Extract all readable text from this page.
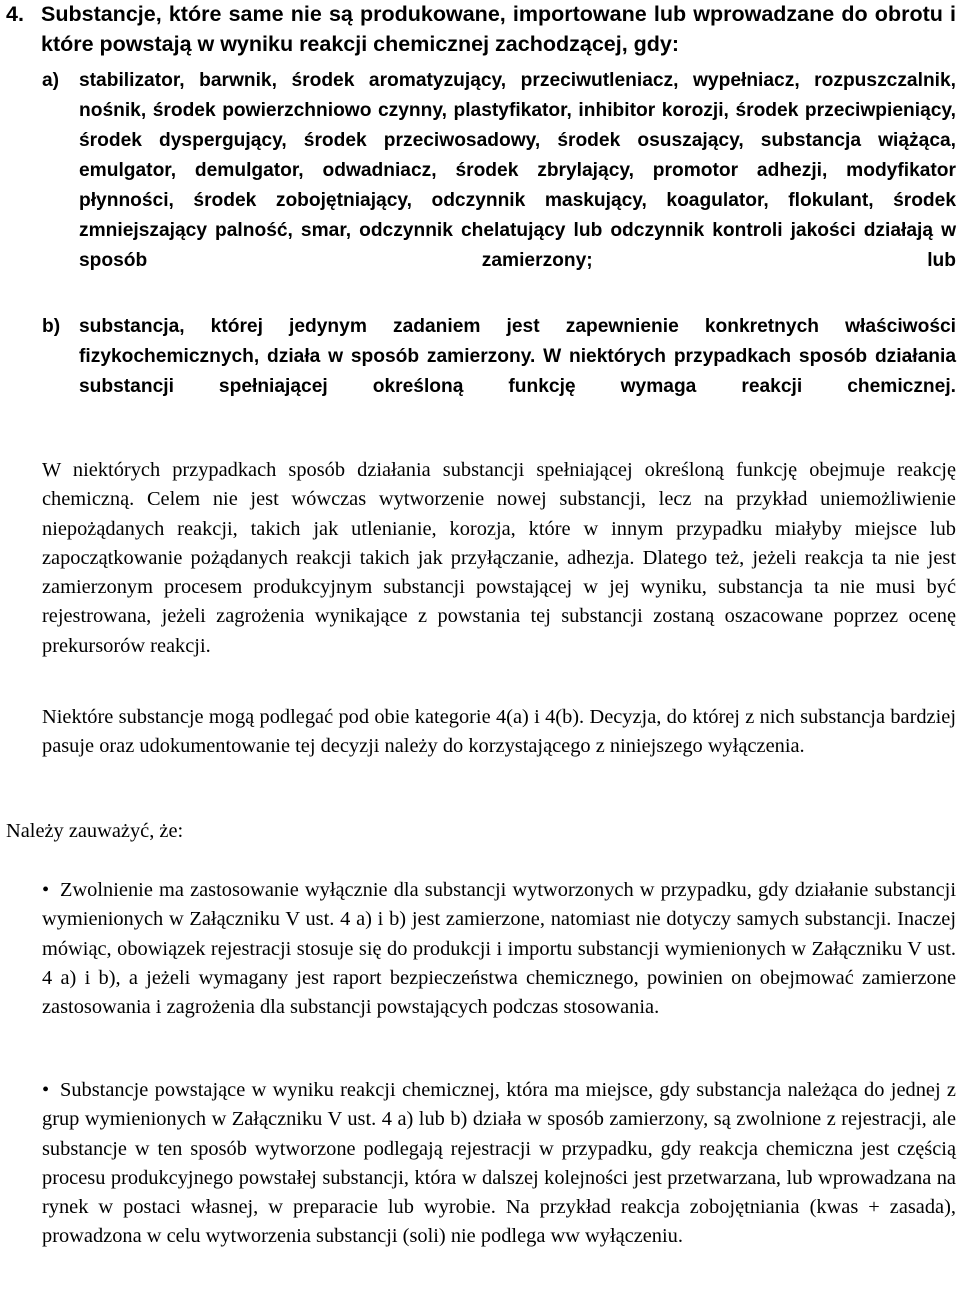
4. Substancje, które same nie są produkowane, importowane lub wprowadzane do obrotu i które powstają w wyniku reakcji chemicznej zachodzącej, gdy:
a)	stabilizator, barwnik, środek aromatyzujący, przeciwutleniacz, wypełniacz, rozpuszczalnik, nośnik, środek powierzchniowo czynny, plastyfikator, inhibitor korozji, środek przeciwpieniący, środek dyspergujący, środek przeciwosadowy, środek osuszający, substancja wiążąca, emulgator, demulgator, odwadniacz, środek zbrylający, promotor adhezji, modyfikator płynności, środek zobojętniający, odczynnik maskujący, koagulator, flokulant, środek zmniejszający palność, smar, odczynnik chelatujący lub odczynnik kontroli jakości działają w sposób zamierzony; lub
b) substancja, której jedynym zadaniem jest zapewnienie konkretnych właściwości fizykochemicznych, działa w sposób zamierzony. W niektórych przypadkach sposób działania substancji spełniającej określoną funkcję wymaga reakcji chemicznej.
W niektórych przypadkach sposób działania substancji spełniającej określoną funkcję obejmuje reakcję chemiczną. Celem nie jest wówczas wytworzenie nowej substancji, lecz na przykład uniemożliwienie niepożądanych reakcji, takich jak utlenianie, korozja, które w innym przypadku miałyby miejsce lub zapoczątkowanie pożądanych reakcji takich jak przyłączanie, adhezja. Dlatego też, jeżeli reakcja ta nie jest zamierzonym procesem produkcyjnym substancji powstającej w jej wyniku, substancja ta nie musi być rejestrowana, jeżeli zagrożenia wynikające z powstania tej substancji zostaną oszacowane poprzez ocenę prekursorów reakcji.
Niektóre substancje mogą podlegać pod obie kategorie 4(a) i 4(b). Decyzja, do której z nich substancja bardziej pasuje oraz udokumentowanie tej decyzji należy do korzystającego z niniejszego wyłączenia.
Należy zauważyć, że:
• Zwolnienie ma zastosowanie wyłącznie dla substancji wytworzonych w przypadku, gdy działanie substancji wymienionych w Załączniku V ust. 4 a) i b) jest zamierzone, natomiast nie dotyczy samych substancji. Inaczej mówiąc, obowiązek rejestracji stosuje się do produkcji i importu substancji wymienionych w Załączniku V ust. 4 a) i b), a jeżeli wymagany jest raport bezpieczeństwa chemicznego, powinien on obejmować zamierzone zastosowania i zagrożenia dla substancji powstających podczas stosowania.
• Substancje powstające w wyniku reakcji chemicznej, która ma miejsce, gdy substancja należąca do jednej z grup wymienionych w Załączniku V ust. 4 a) lub b) działa w sposób zamierzony, są zwolnione z rejestracji, ale substancje w ten sposób wytworzone podlegają rejestracji w przypadku, gdy reakcja chemiczna jest częścią procesu produkcyjnego powstałej substancji, która w dalszej kolejności jest przetwarzana, lub wprowadzana na rynek w postaci własnej, w preparacie lub wyrobie. Na przykład reakcja zobojętniania (kwas + zasada), prowadzona w celu wytworzenia substancji (soli) nie podlega ww wyłączeniu.
